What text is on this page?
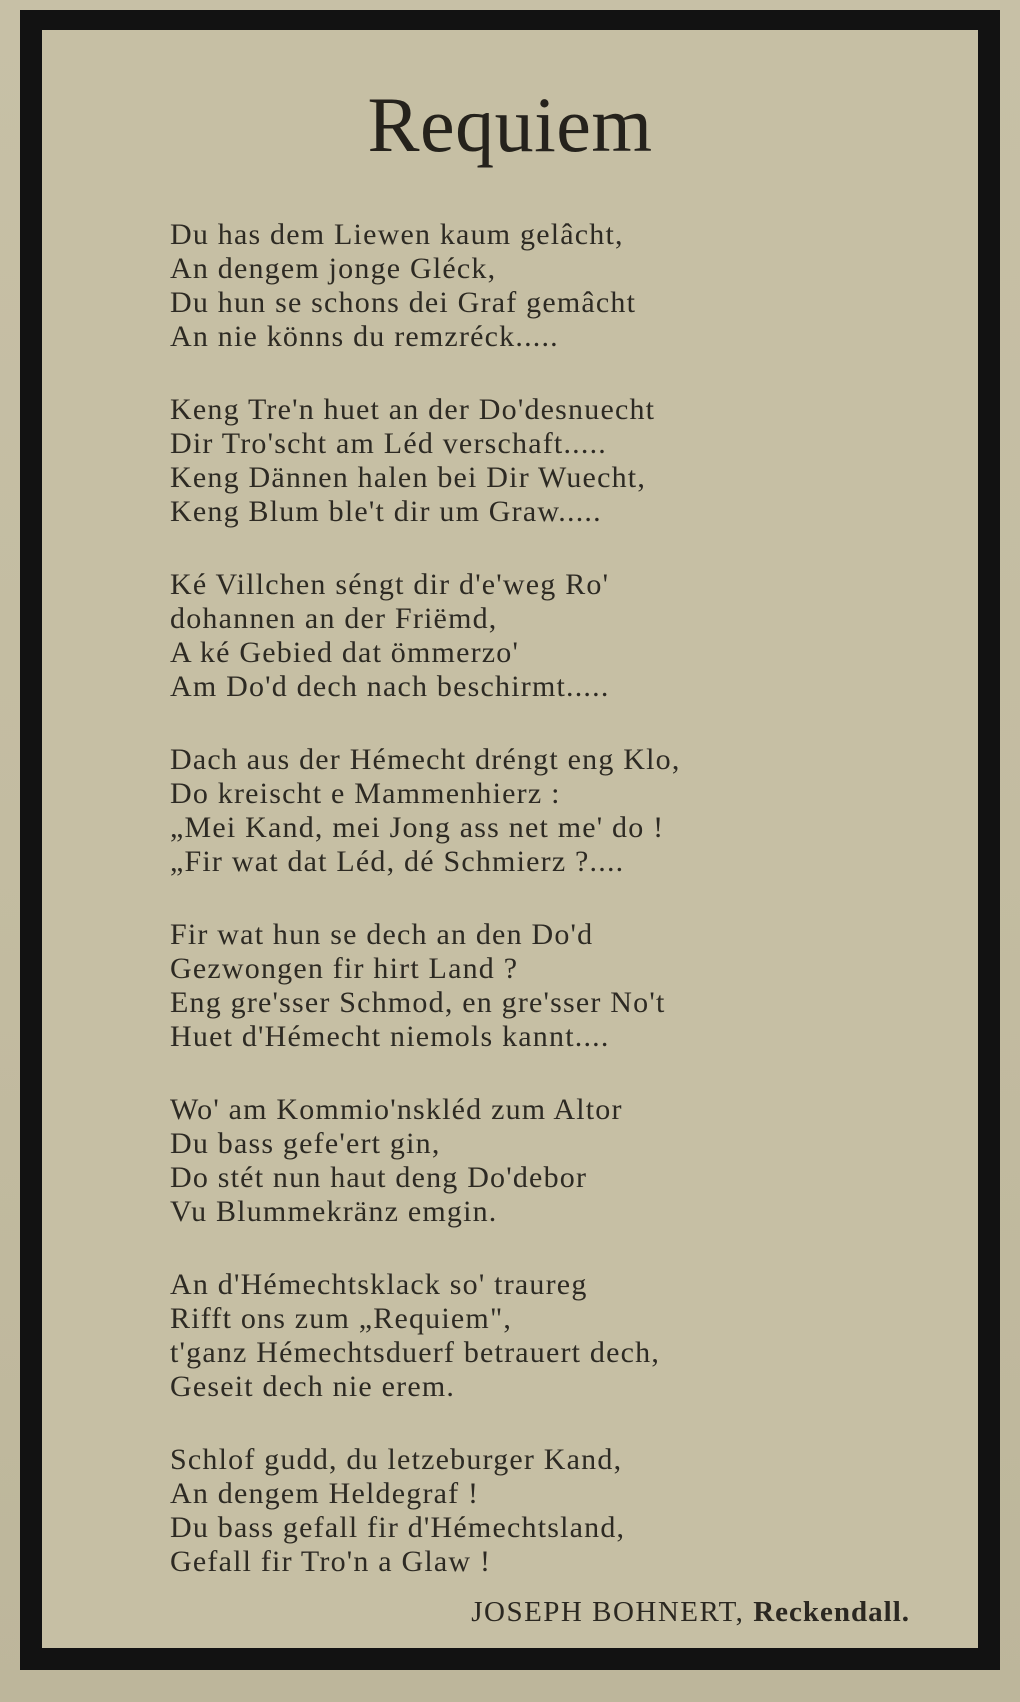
Requiem
Du has dem Liewen kaum gelâcht,
An dengem jonge Gléck,
Du hun se schons dei Graf gemâcht
An nie könns du remzréck.....
Keng Tre'n huet an der Do'desnuecht
Dir Tro'scht am Léd verschaft.....
Keng Dännen halen bei Dir Wuecht,
Keng Blum ble't dir um Graw.....
Ké Villchen séngt dir d'e'weg Ro'
dohannen an der Friëmd,
A ké Gebied dat ömmerzo'
Am Do'd dech nach beschirmt.....
Dach aus der Hémecht dréngt eng Klo,
Do kreischt e Mammenhierz :
„Mei Kand, mei Jong ass net me' do !
„Fir wat dat Léd, dé Schmierz ?....
Fir wat hun se dech an den Do'd
Gezwongen fir hirt Land ?
Eng gre'sser Schmod, en gre'sser No't
Huet d'Hémecht niemols kannt....
Wo' am Kommio'nskléd zum Altor
Du bass gefe'ert gin,
Do stét nun haut deng Do'debor
Vu Blummekränz emgin.
An d'Hémechtsklack so' traureg
Rifft ons zum „Requiem",
t'ganz Hémechtsduerf betrauert dech,
Geseit dech nie erem.
Schlof gudd, du letzeburger Kand,
An dengem Heldegraf !
Du bass gefall fir d'Hémechtsland,
Gefall fir Tro'n a Glaw !
JOSEPH BOHNERT, Reckendall.
